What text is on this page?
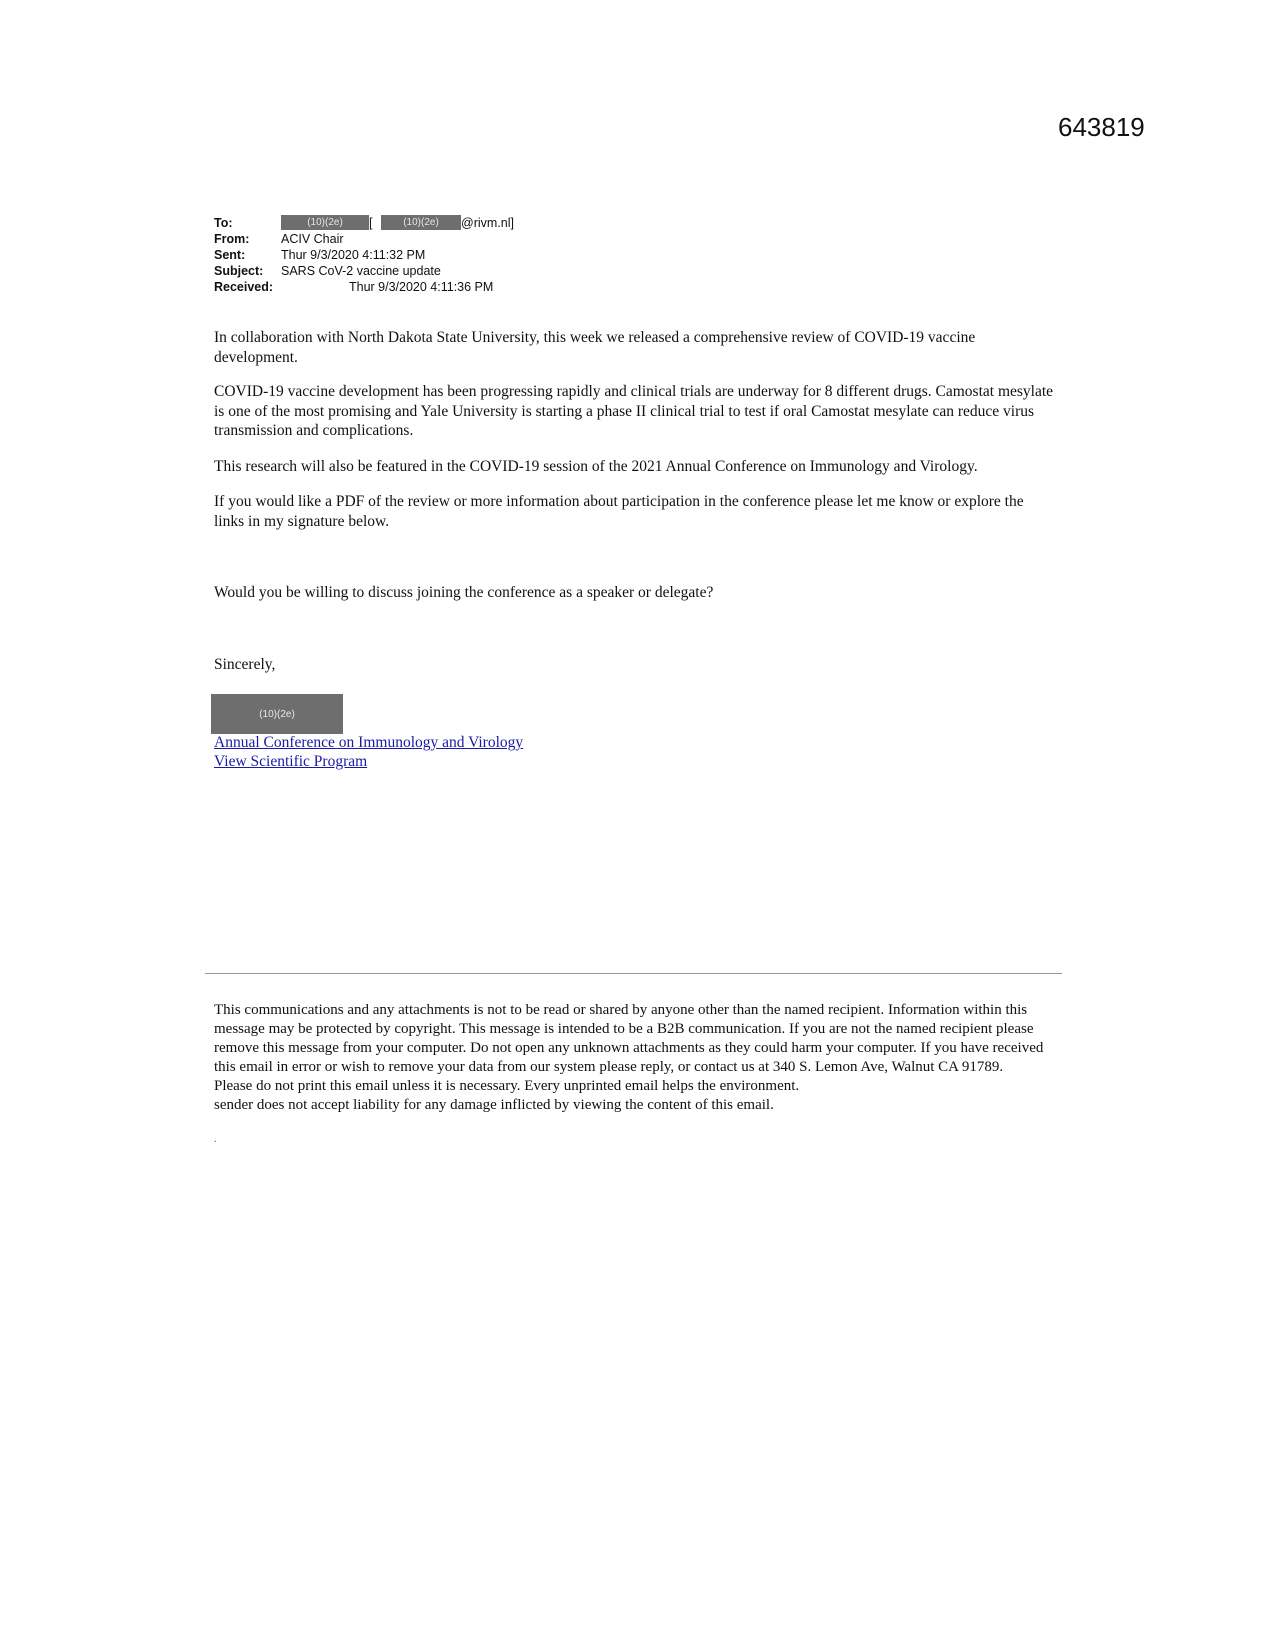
643819
To:	(10)(2e) [	(10)(2e) @rivm.nl]
From:	ACIV Chair
Sent:	Thur 9/3/2020 4:11:32 PM
Subject: SARS CoV-2 vaccine update
Received:	Thur 9/3/2020 4:11:36 PM

In collaboration with North Dakota State University, this week we released a comprehensive review of COVID-19 vaccine development.

COVID-19 vaccine development has been progressing rapidly and clinical trials are underway for 8 different drugs. Camostat mesylate is one of the most promising and Yale University is starting a phase II clinical trial to test if oral Camostat mesylate can reduce virus transmission and complications.

This research will also be featured in the COVID-19 session of the 2021 Annual Conference on Immunology and Virology.

If you would like a PDF of the review or more information about participation in the conference please let me know or explore the links in my signature below.

Would you be willing to discuss joining the conference as a speaker or delegate?

Sincerely,

(10)(2e)
Annual Conference on Immunology and Virology
View Scientific Program

This communications and any attachments is not to be read or shared by anyone other than the named recipient. Information within this message may be protected by copyright. This message is intended to be a B2B communication. If you are not the named recipient please remove this message from your computer. Do not open any unknown attachments as they could harm your computer. If you have received this email in error or wish to remove your data from our system please reply, or contact us at 340 S. Lemon Ave, Walnut CA 91789.

Please do not print this email unless it is necessary. Every unprinted email helps the environment.

sender does not accept liability for any damage inflicted by viewing the content of this email.

.
